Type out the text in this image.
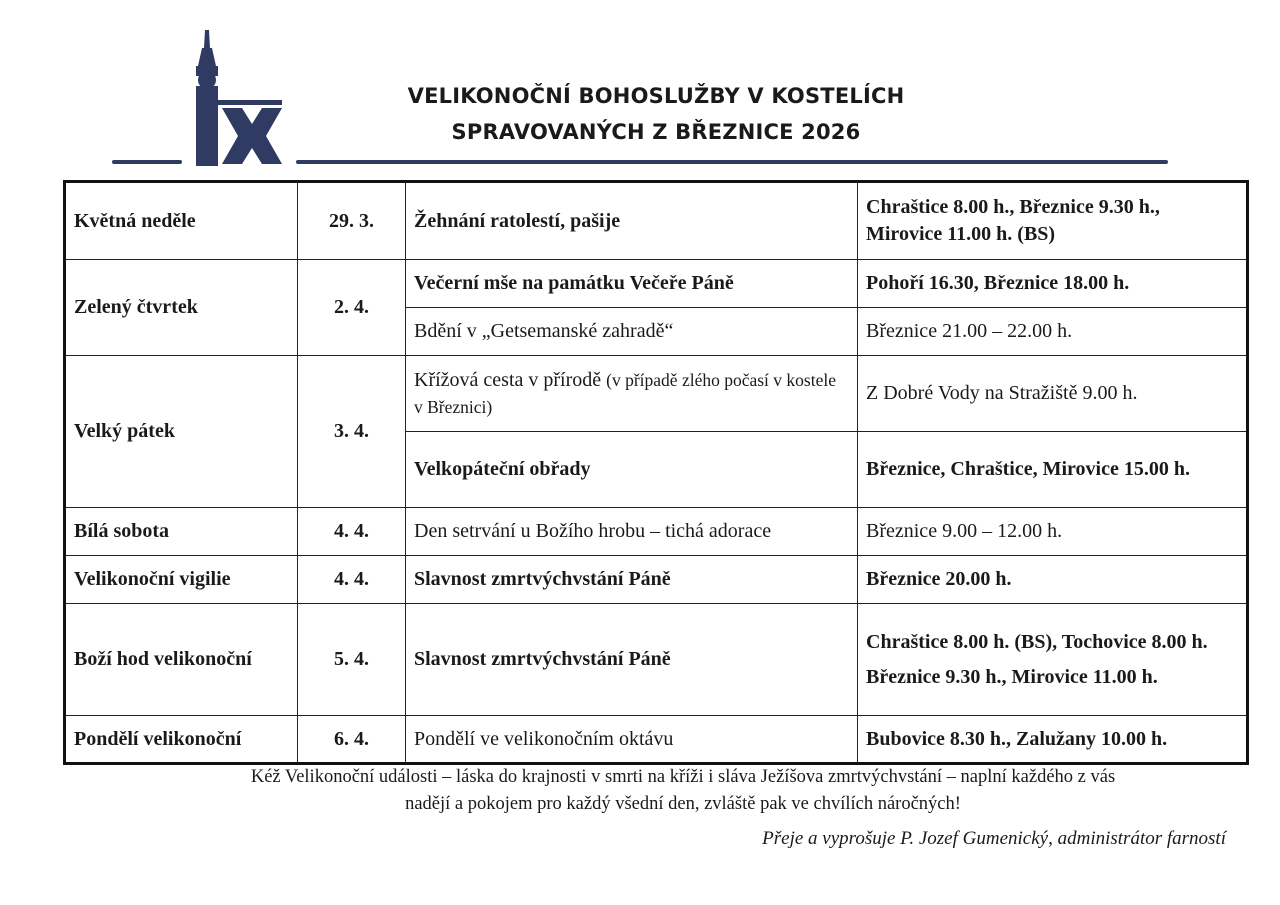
VELIKONOČNÍ BOHOSLUŽBY V KOSTELÍCH
SPRAVOVANÝCH Z BŘEZNICE 2026
Květná neděle	29. 3.	Žehnání ratolestí, pašije	Chraštice 8.00 h., Březnice 9.30 h., Mirovice 11.00 h. (BS)
Zelený čtvrtek	2. 4.	Večerní mše na památku Večeře Páně	Pohoří 16.30, Březnice 18.00 h.
		Bdění v „Getsemanské zahradě“	Březnice 21.00 – 22.00 h.
Velký pátek	3. 4.	Křížová cesta v přírodě (v případě zlého počasí v kostele v Březnici)	Z Dobré Vody na Stražiště 9.00 h.
		Velkopáteční obřady	Březnice, Chraštice, Mirovice 15.00 h.
Bílá sobota	4. 4.	Den setrvání u Božího hrobu – tichá adorace	Březnice 9.00 – 12.00 h.
Velikonoční vigilie	4. 4.	Slavnost zmrtvýchvstání Páně	Březnice 20.00 h.
Boží hod velikonoční	5. 4.	Slavnost zmrtvýchvstání Páně	Chraštice 8.00 h. (BS), Tochovice 8.00 h.
Březnice 9.30 h., Mirovice 11.00 h.

Pondělí velikonoční	6. 4.	Pondělí ve velikonočním oktávu	Bubovice 8.30 h., Zalužany 10.00 h.
Kéž Velikonoční události – láska do krajnosti v smrti na kříži i sláva Ježíšova zmrtvýchvstání – naplní každého z vás
nadějí a pokojem pro každý všední den, zvláště pak ve chvílích náročných!
Přeje a vyprošuje P. Jozef Gumenický, administrátor farností
